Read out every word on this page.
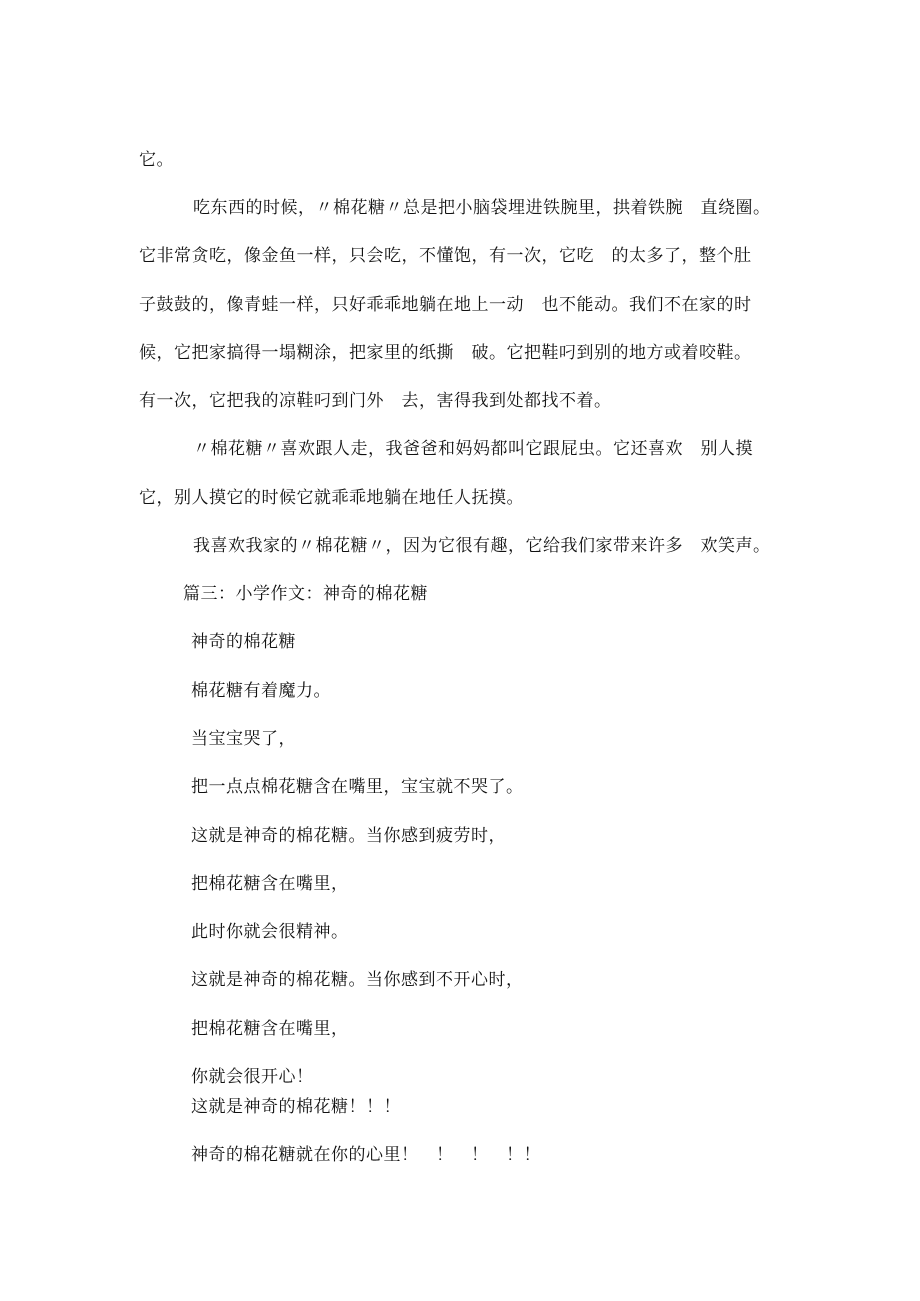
它。
吃东西的时候，〃棉花糖〃总是把小脑袋埋进铁腕里，拱着铁腕　直绕圈。
它非常贪吃，像金鱼一样，只会吃，不懂饱，有一次，它吃　的太多了，整个肚
子鼓鼓的，像青蛙一样，只好乖乖地躺在地上一动　也不能动。我们不在家的时
候，它把家搞得一塌糊涂，把家里的纸撕　破。它把鞋叼到别的地方或着咬鞋。
有一次，它把我的凉鞋叼到门外　去，害得我到处都找不着。
〃棉花糖〃喜欢跟人走，我爸爸和妈妈都叫它跟屁虫。它还喜欢　别人摸
它，别人摸它的时候它就乖乖地躺在地任人抚摸。
我喜欢我家的〃棉花糖〃，因为它很有趣，它给我们家带来许多　欢笑声。
篇三：小学作文：神奇的棉花糖
神奇的棉花糖
棉花糖有着魔力。
当宝宝哭了，
把一点点棉花糖含在嘴里，宝宝就不哭了。
这就是神奇的棉花糖。当你感到疲劳时，
把棉花糖含在嘴里，
此时你就会很精神。
这就是神奇的棉花糖。当你感到不开心时，
把棉花糖含在嘴里，
你就会很开心！
这就是神奇的棉花糖！！！
神奇的棉花糖就在你的心里！　！　！　！！
